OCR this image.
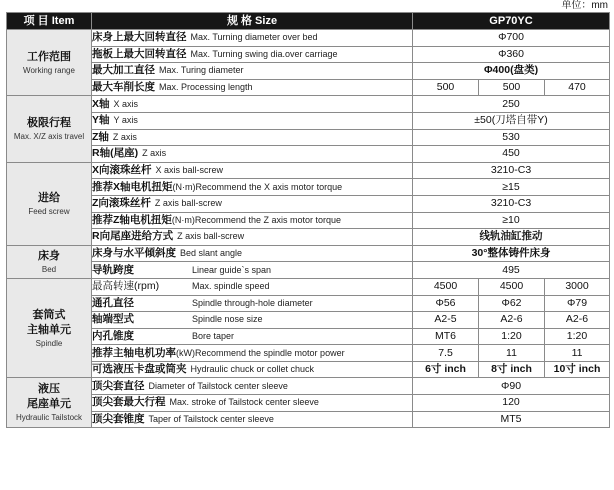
单位：mm
项 目 Item	规 格 Size	GP70YC		

工作范围
Working range	床身上最大回转直径 Max. Turning diameter over bed	Φ700		
	拖板上最大回转直径 Max. Turning swing dia.over carriage	Φ360		
	最大加工直径 Max. Turing diameter	Φ400(盘类)		
	最大车削长度 Max. Processing length	500	500	470

极限行程
Max. X/Z axis travel	X轴 X axis	250		
	Y轴 Y axis	±50(刀塔自带Y)		
	Z轴 Z axis	530		
	R轴(尾座) Z axis	450		

进给
Feed screw	X向滚珠丝杆 X axis ball-screw	3210-C3		
	推荐X轴电机扭矩(N·m)Recommend the X axis motor torque	≥15		
	Z向滚珠丝杆 Z axis ball-screw	3210-C3		
	推荐Z轴电机扭矩(N·m)Recommend the Z axis motor torque	≥10		
	R向尾座进给方式 Z axis ball-screw	线轨油缸推动		

床身
Bed	床身与水平倾斜度 Bed slant angle	30°整体铸件床身		
	导轨跨度 Linear guide`s span	495		

套筒式
主轴单元
Spindle	最高转速(rpm) Max. spindle speed	4500	4500	3000
	通孔直径 Spindle through-hole diameter	Φ56	Φ62	Φ79
	轴端型式 Spindle nose size	A2-5	A2-6	A2-6
	内孔锥度 Bore taper	MT6	1:20	1:20
	推荐主轴电机功率(kW)Recommend the spindle motor power	7.5	11	11
	可选液压卡盘或筒夹 Hydraulic chuck or collet chuck	6寸 inch	8寸 inch	10寸 inch

液压
尾座单元
Hydraulic Tailstock	顶尖套直径 Diameter of Tailstock center sleeve	Φ90		
	顶尖套最大行程 Max. stroke of Tailstock center sleeve	120		
	顶尖套锥度 Taper of Tailstock center sleeve	MT5		
